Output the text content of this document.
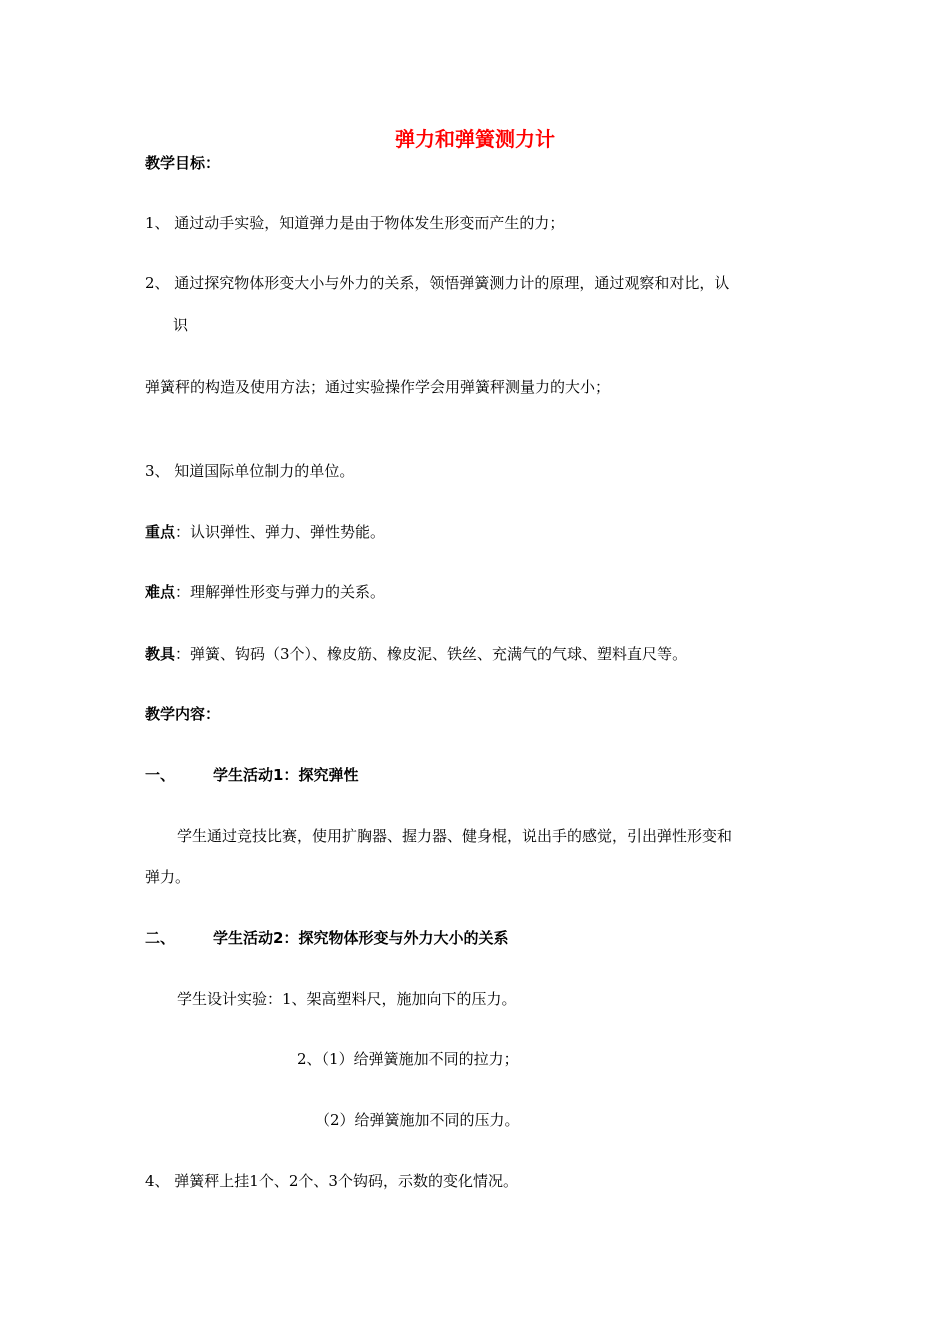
弹力和弹簧测力计
教学目标：
1、 通过动手实验，知道弹力是由于物体发生形变而产生的力；
2、 通过探究物体形变大小与外力的关系，领悟弹簧测力计的原理，通过观察和对比，认
识
弹簧秤的构造及使用方法；通过实验操作学会用弹簧秤测量力的大小；
3、 知道国际单位制力的单位。
重点：认识弹性、弹力、弹性势能。
难点：理解弹性形变与弹力的关系。
教具：弹簧、钩码（3个）、橡皮筋、橡皮泥、铁丝、充满气的气球、塑料直尺等。
教学内容：
一、	学生活动1：探究弹性
学生通过竞技比赛，使用扩胸器、握力器、健身棍，说出手的感觉，引出弹性形变和
弹力。
二、	学生活动2：探究物体形变与外力大小的关系
学生设计实验：1、架高塑料尺，施加向下的压力。
2、（1）给弹簧施加不同的拉力；
（2）给弹簧施加不同的压力。
4、 弹簧秤上挂1个、2个、3个钩码，示数的变化情况。
